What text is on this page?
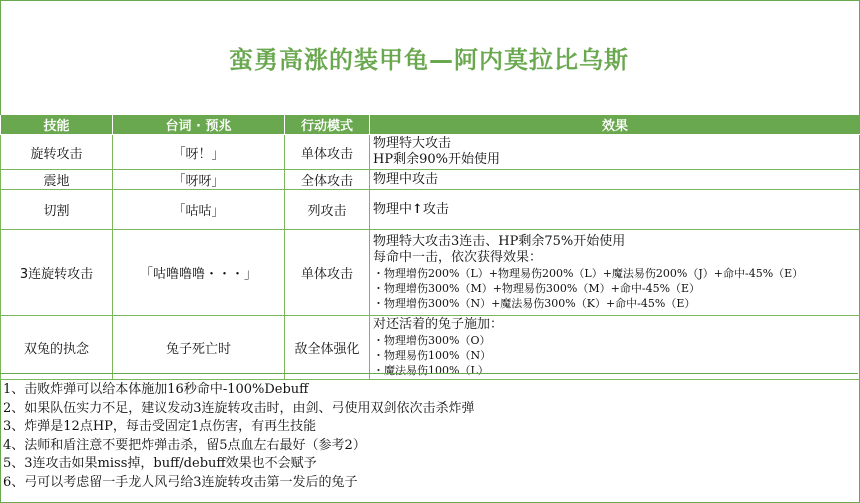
蛮勇高涨的装甲龟—阿内莫拉比乌斯
技能	台词 · 预兆	行动模式	效果
旋转攻击	「呀！」	单体攻击	物理特大攻击
HP剩余90%开始使用

震地	「呀呀」	全体攻击	物理中攻击

切割	「咕咕」	列攻击	物理中↑攻击

3连旋转攻击	「咕噜噜噜・・・」	单体攻击	物理特大攻击3连击、HP剩余75%开始使用
每命中一击，依次获得效果：
・物理增伤200%（L）+物理易伤200%（L）+魔法易伤200%（J）+命中-45%（E）
・物理增伤300%（M）+物理易伤300%（M）+命中-45%（E）
・物理增伤300%（N）+魔法易伤300%（K）+命中-45%（E）

双兔的执念	兔子死亡时	敌全体强化	对还活着的兔子施加：
・物理增伤300%（O）
・物理易伤100%（N）
・魔法易伤100%（L）
1、击败炸弹可以给本体施加16秒命中-100%Debuff
2、如果队伍实力不足，建议发动3连旋转攻击时，由剑、弓使用双剑依次击杀炸弹
3、炸弹是12点HP，每击受固定1点伤害，有再生技能
4、法师和盾注意不要把炸弹击杀，留5点血左右最好（参考2）
5、3连攻击如果miss掉，buff/debuff效果也不会赋予
6、弓可以考虑留一手龙人风弓给3连旋转攻击第一发后的兔子
